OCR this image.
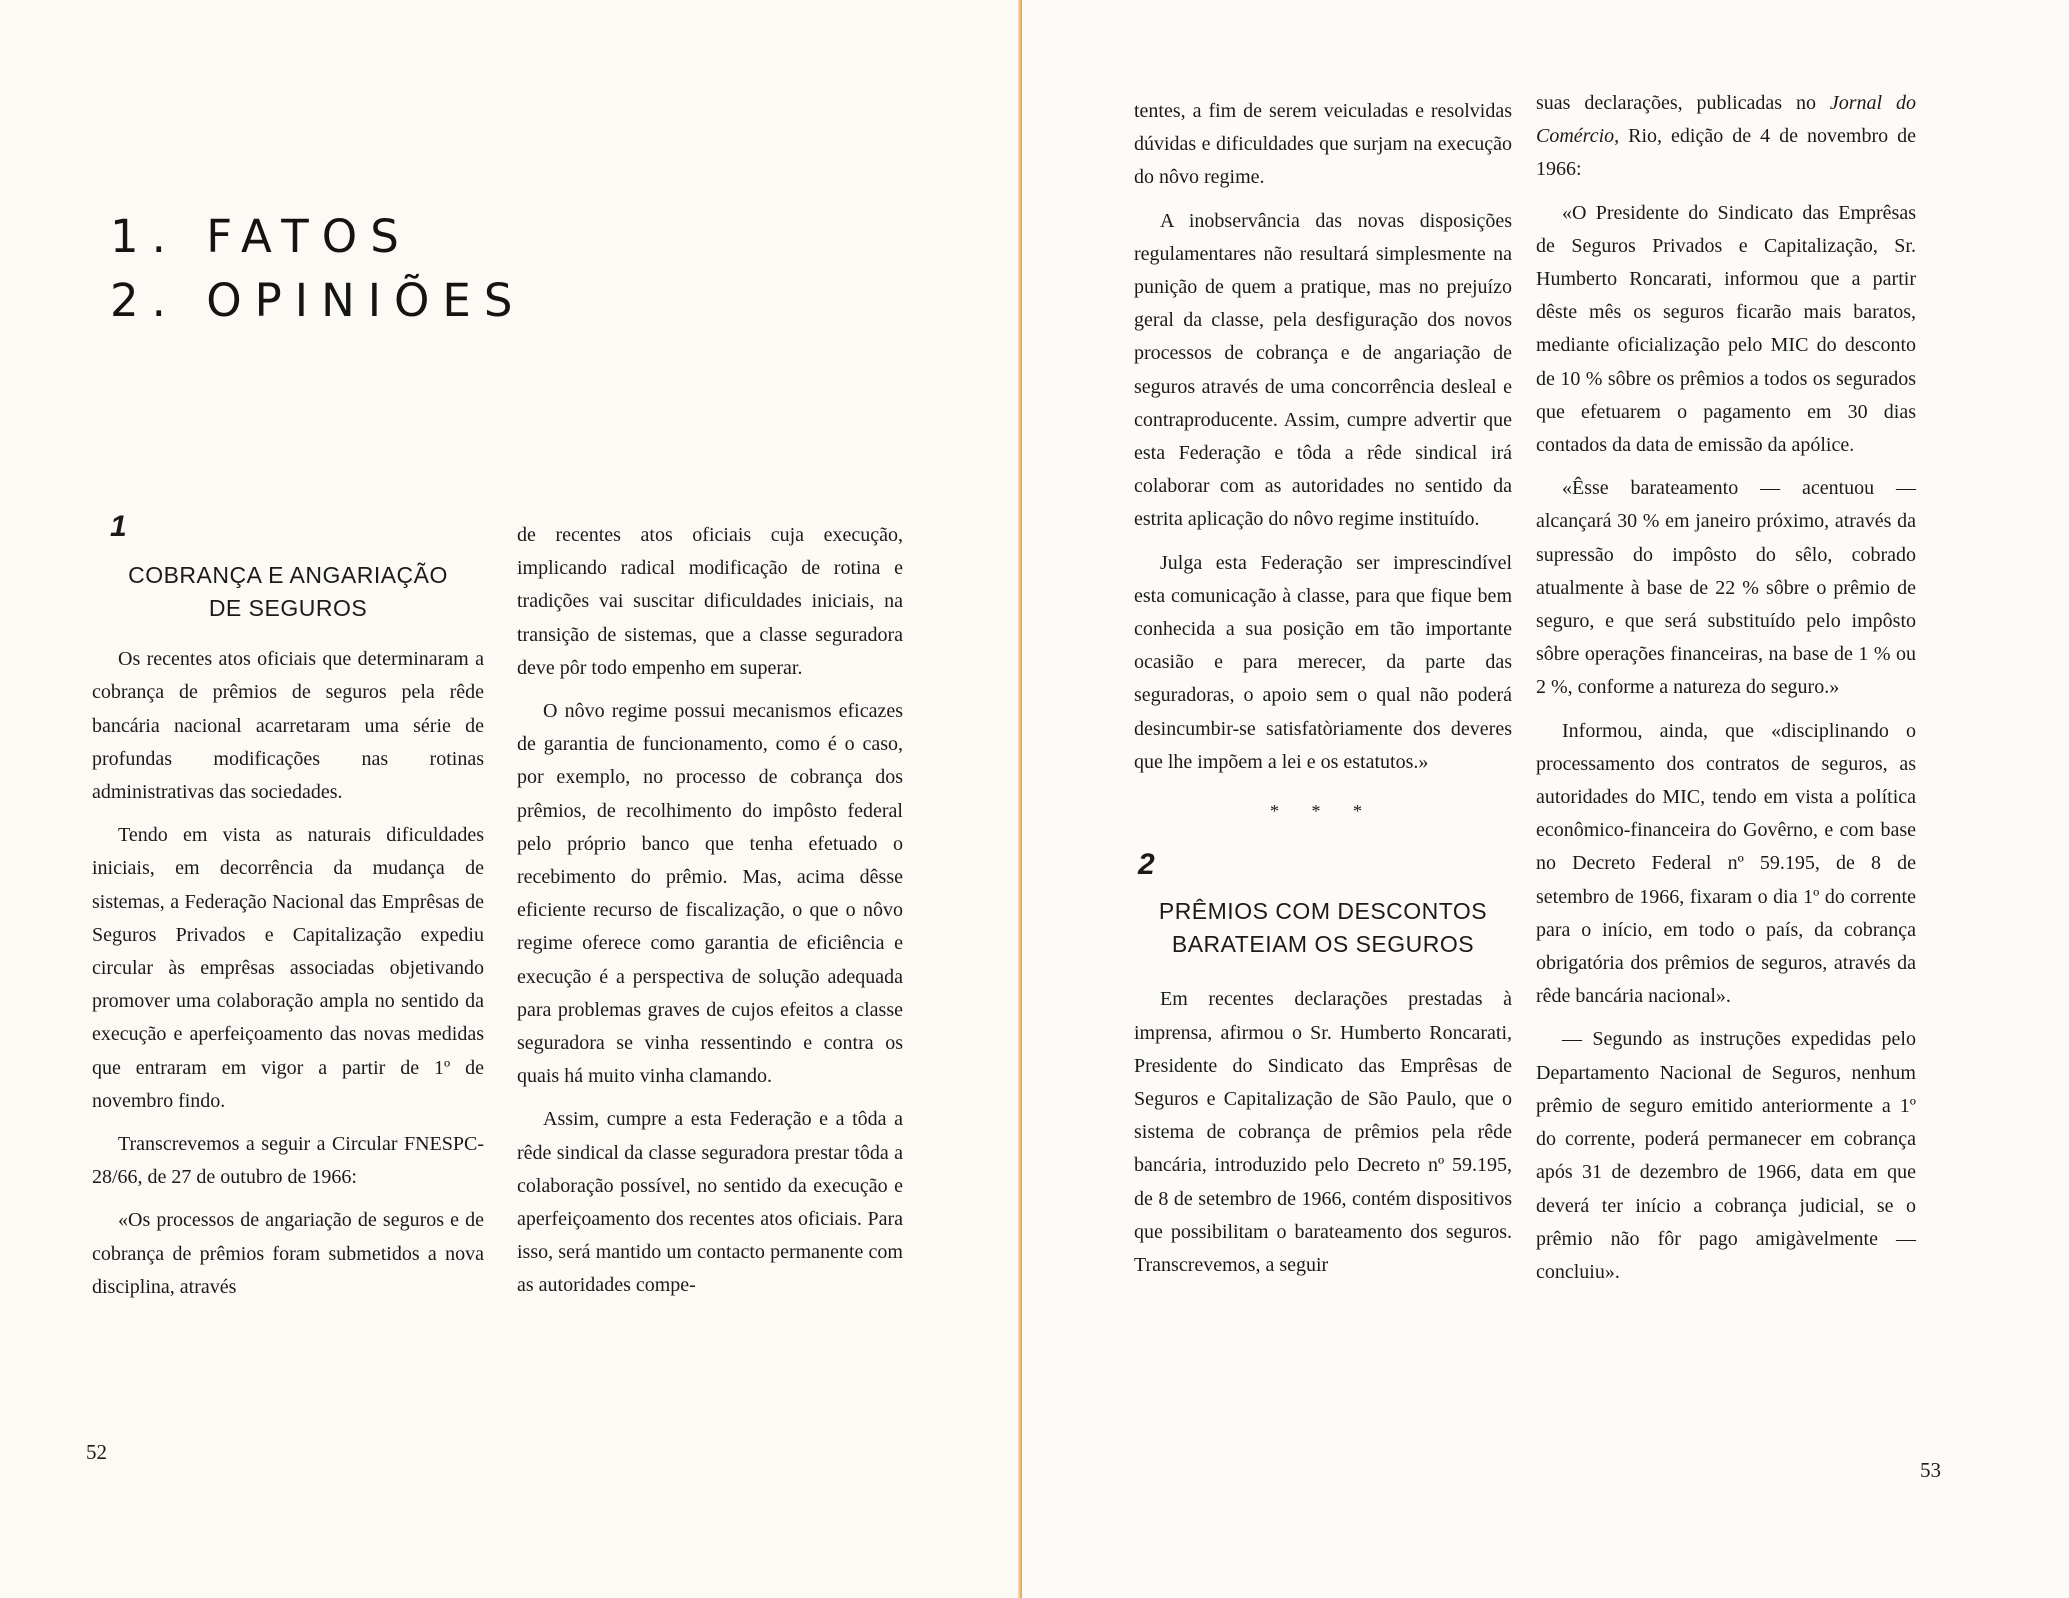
1. FATOS
2. OPINIÕES
1
COBRANÇA E ANGARIAÇÃO
DE SEGUROS

Os recentes atos oficiais que determinaram a cobrança de prêmios de seguros pela rêde bancária nacional acarretaram uma série de profundas modificações nas rotinas administrativas das sociedades.

Tendo em vista as naturais dificuldades iniciais, em decorrência da mudança de sistemas, a Federação Nacional das Emprêsas de Seguros Privados e Capitalização expediu circular às emprêsas associadas objetivando promover uma colaboração ampla no sentido da execução e aperfeiçoamento das novas medidas que entraram em vigor a partir de 1º de novembro findo.

Transcrevemos a seguir a Circular FNESPC-28/66, de 27 de outubro de 1966:

«Os processos de angariação de seguros e de cobrança de prêmios foram submetidos a nova disciplina, através

de recentes atos oficiais cuja execução, implicando radical modificação de rotina e tradições vai suscitar dificuldades iniciais, na transição de sistemas, que a classe seguradora deve pôr todo empenho em superar.

O nôvo regime possui mecanismos eficazes de garantia de funcionamento, como é o caso, por exemplo, no processo de cobrança dos prêmios, de recolhimento do impôsto federal pelo próprio banco que tenha efetuado o recebimento do prêmio. Mas, acima dêsse eficiente recurso de fiscalização, o que o nôvo regime oferece como garantia de eficiência e execução é a perspectiva de solução adequada para problemas graves de cujos efeitos a classe seguradora se vinha ressentindo e contra os quais há muito vinha clamando.

Assim, cumpre a esta Federação e a tôda a rêde sindical da classe seguradora prestar tôda a colaboração possível, no sentido da execução e aperfeiçoamento dos recentes atos oficiais. Para isso, será mantido um contacto permanente com as autoridades compe-

52

tentes, a fim de serem veiculadas e resolvidas dúvidas e dificuldades que surjam na execução do nôvo regime.

A inobservância das novas disposições regulamentares não resultará simplesmente na punição de quem a pratique, mas no prejuízo geral da classe, pela desfiguração dos novos processos de cobrança e de angariação de seguros através de uma concorrência desleal e contraproducente. Assim, cumpre advertir que esta Federação e tôda a rêde sindical irá colaborar com as autoridades no sentido da estrita aplicação do nôvo regime instituído.

Julga esta Federação ser imprescindível esta comunicação à classe, para que fique bem conhecida a sua posição em tão importante ocasião e para merecer, da parte das seguradoras, o apoio sem o qual não poderá desincumbir-se satisfatòriamente dos deveres que lhe impõem a lei e os estatutos.»

* * *
2
PRÊMIOS COM DESCONTOS
BARATEIAM OS SEGUROS

Em recentes declarações prestadas à imprensa, afirmou o Sr. Humberto Roncarati, Presidente do Sindicato das Emprêsas de Seguros e Capitalização de São Paulo, que o sistema de cobrança de prêmios pela rêde bancária, introduzido pelo Decreto nº 59.195, de 8 de setembro de 1966, contém dispositivos que possibilitam o barateamento dos seguros. Transcrevemos, a seguir

suas declarações, publicadas no Jornal do Comércio, Rio, edição de 4 de novembro de 1966:

«O Presidente do Sindicato das Emprêsas de Seguros Privados e Capitalização, Sr. Humberto Roncarati, informou que a partir dêste mês os seguros ficarão mais baratos, mediante oficialização pelo MIC do desconto de 10 % sôbre os prêmios a todos os segurados que efetuarem o pagamento em 30 dias contados da data de emissão da apólice.

«Êsse barateamento — acentuou — alcançará 30 % em janeiro próximo, através da supressão do impôsto do sêlo, cobrado atualmente à base de 22 % sôbre o prêmio de seguro, e que será substituído pelo impôsto sôbre operações financeiras, na base de 1 % ou 2 %, conforme a natureza do seguro.»

Informou, ainda, que «disciplinando o processamento dos contratos de seguros, as autoridades do MIC, tendo em vista a política econômico-financeira do Govêrno, e com base no Decreto Federal nº 59.195, de 8 de setembro de 1966, fixaram o dia 1º do corrente para o início, em todo o país, da cobrança obrigatória dos prêmios de seguros, através da rêde bancária nacional».

— Segundo as instruções expedidas pelo Departamento Nacional de Seguros, nenhum prêmio de seguro emitido anteriormente a 1º do corrente, poderá permanecer em cobrança após 31 de dezembro de 1966, data em que deverá ter início a cobrança judicial, se o prêmio não fôr pago amigàvelmente — concluiu».

53
